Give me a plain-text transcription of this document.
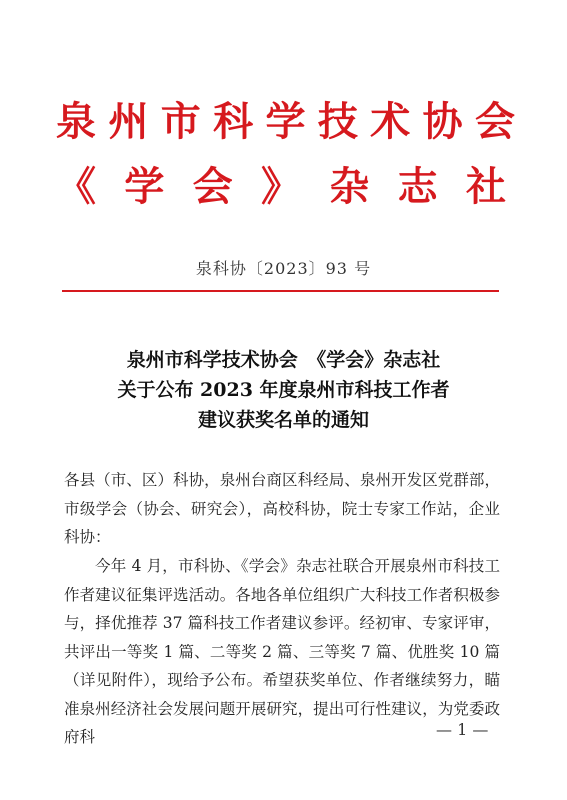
泉州市科学技术协会
《学会》杂志社
泉科协〔2023〕93 号
泉州市科学技术协会　《学会》杂志社
关于公布 2023 年度泉州市科技工作者
建议获奖名单的通知
各县（市、区）科协，泉州台商区科经局、泉州开发区党群部，市级学会（协会、研究会），高校科协，院士专家工作站，企业科协：
今年 4 月，市科协、《学会》杂志社联合开展泉州市科技工作者建议征集评选活动。各地各单位组织广大科技工作者积极参与，择优推荐 37 篇科技工作者建议参评。经初审、专家评审，共评出一等奖 1 篇、二等奖 2 篇、三等奖 7 篇、优胜奖 10 篇（详见附件），现给予公布。希望获奖单位、作者继续努力，瞄准泉州经济社会发展问题开展研究，提出可行性建议，为党委政府科	— 1 —
